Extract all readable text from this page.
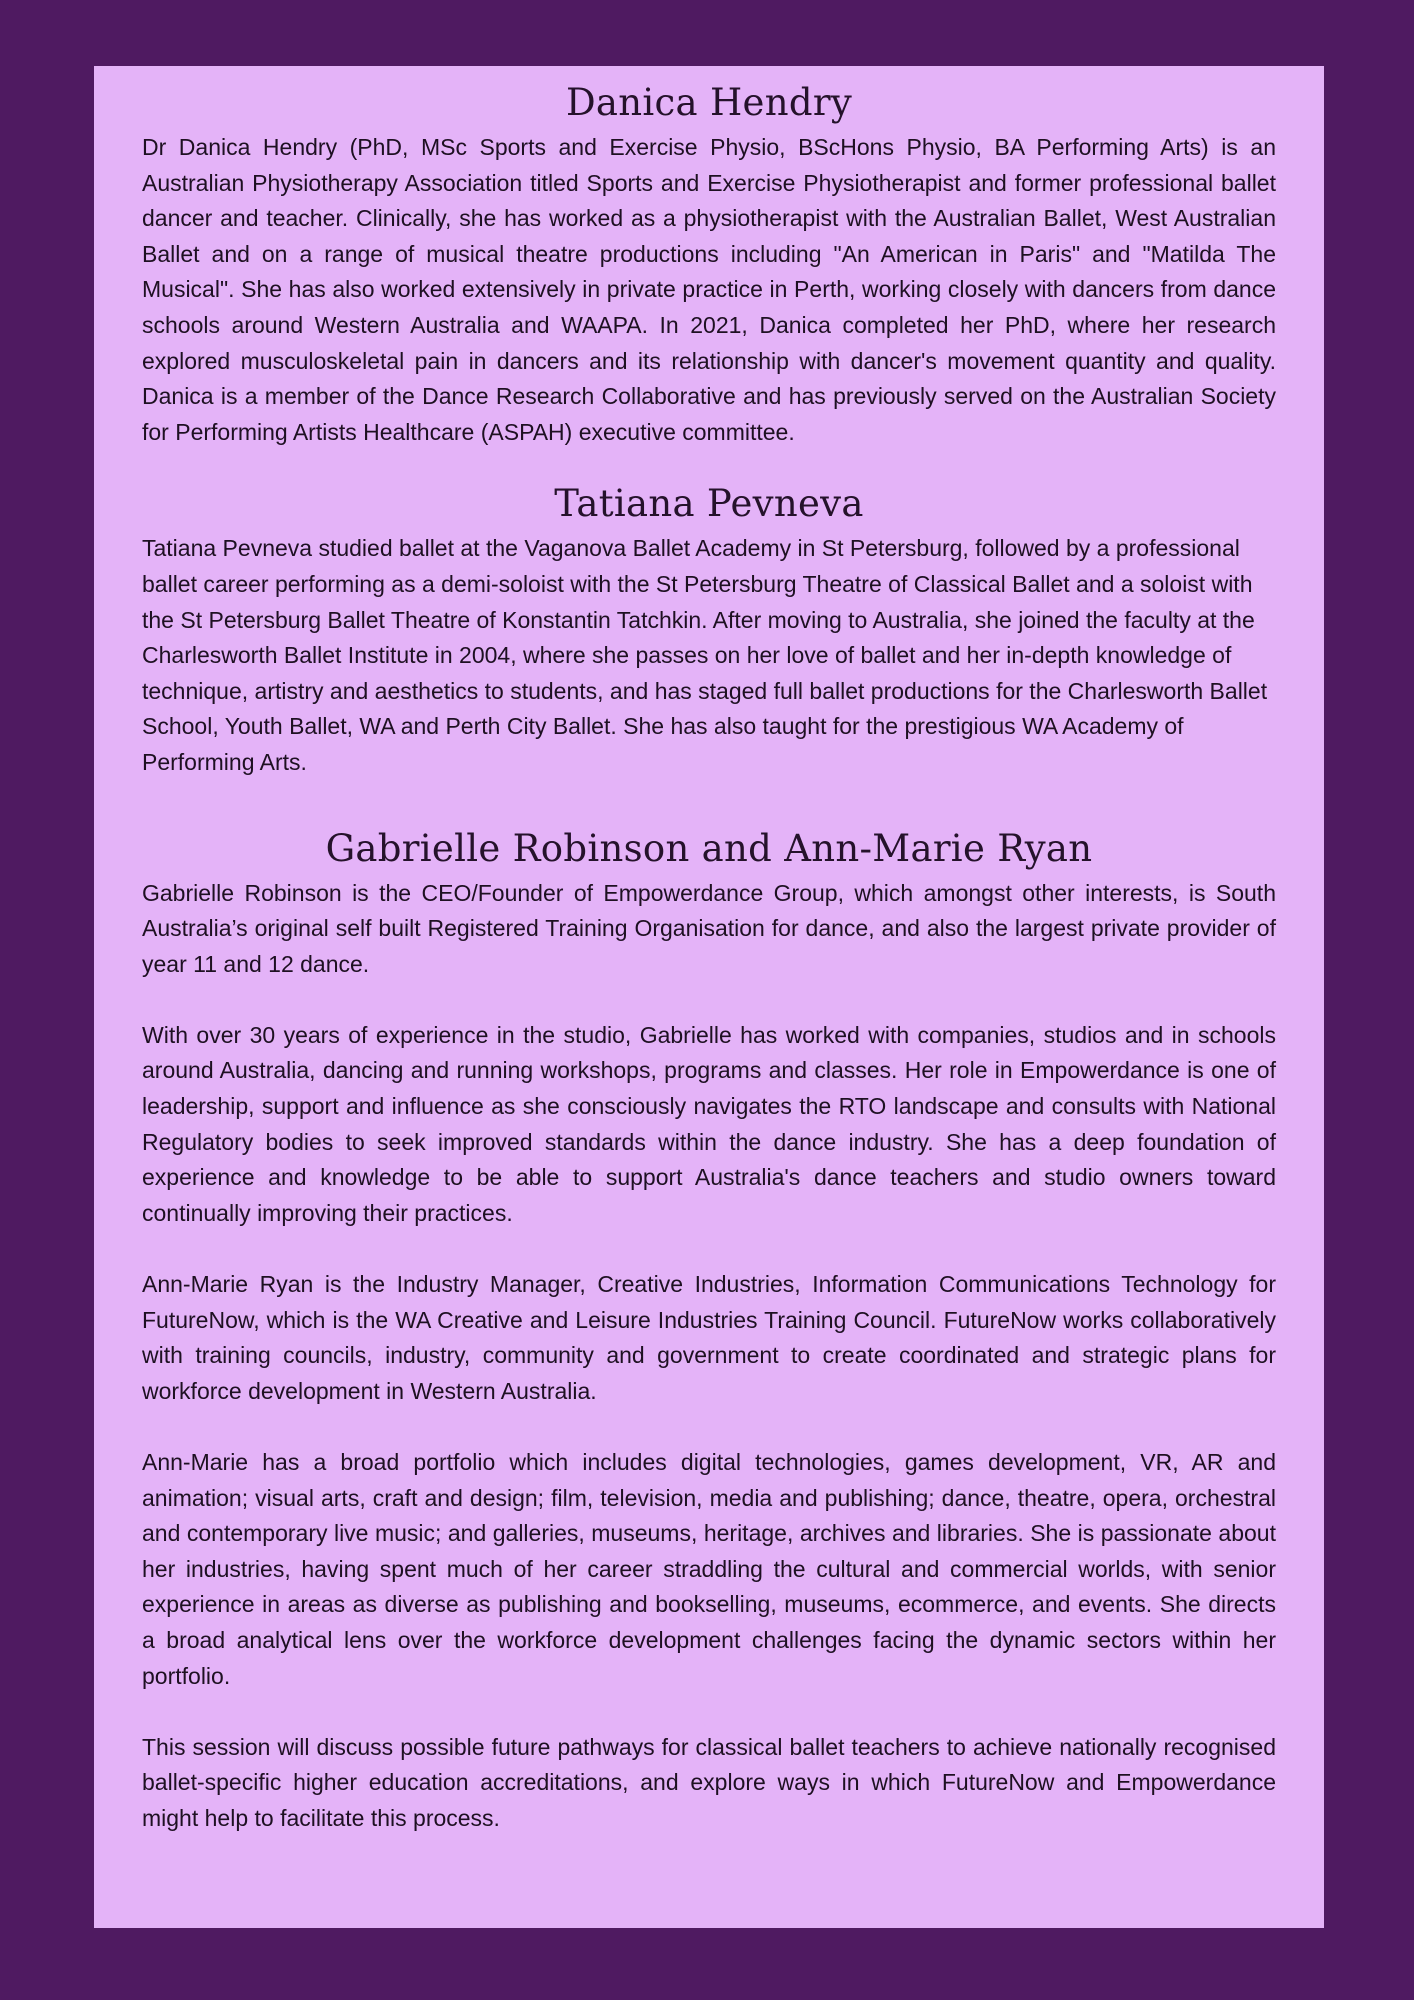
Danica Hendry

Dr Danica Hendry (PhD, MSc Sports and Exercise Physio, BScHons Physio, BA Performing Arts) is an Australian Physiotherapy Association titled Sports and Exercise Physiotherapist and former professional ballet dancer and teacher. Clinically, she has worked as a physiotherapist with the Australian Ballet, West Australian Ballet and on a range of musical theatre productions including "An American in Paris" and "Matilda The Musical". She has also worked extensively in private practice in Perth, working closely with dancers from dance schools around Western Australia and WAAPA. In 2021, Danica completed her PhD, where her research explored musculoskeletal pain in dancers and its relationship with dancer's movement quantity and quality. Danica is a member of the Dance Research Collaborative and has previously served on the Australian Society for Performing Artists Healthcare (ASPAH) executive committee.

Tatiana Pevneva

Tatiana Pevneva studied ballet at the Vaganova Ballet Academy in St Petersburg, followed by a professional ballet career performing as a demi-soloist with the St Petersburg Theatre of Classical Ballet and a soloist with the St Petersburg Ballet Theatre of Konstantin Tatchkin. After moving to Australia, she joined the faculty at the Charlesworth Ballet Institute in 2004, where she passes on her love of ballet and her in-depth knowledge of technique, artistry and aesthetics to students, and has staged full ballet productions for the Charlesworth Ballet School, Youth Ballet, WA and Perth City Ballet. She has also taught for the prestigious WA Academy of Performing Arts.

Gabrielle Robinson and Ann-Marie Ryan

Gabrielle Robinson is the CEO/Founder of Empowerdance Group, which amongst other interests, is South Australia’s original self built Registered Training Organisation for dance, and also the largest private provider of year 11 and 12 dance.

With over 30 years of experience in the studio, Gabrielle has worked with companies, studios and in schools around Australia, dancing and running workshops, programs and classes. Her role in Empowerdance is one of leadership, support and influence as she consciously navigates the RTO landscape and consults with National Regulatory bodies to seek improved standards within the dance industry. She has a deep foundation of experience and knowledge to be able to support Australia's dance teachers and studio owners toward continually improving their practices.

Ann-Marie Ryan is the Industry Manager, Creative Industries, Information Communications Technology for FutureNow, which is the WA Creative and Leisure Industries Training Council. FutureNow works collaboratively with training councils, industry, community and government to create coordinated and strategic plans for workforce development in Western Australia.

Ann-Marie has a broad portfolio which includes digital technologies, games development, VR, AR and animation; visual arts, craft and design; film, television, media and publishing; dance, theatre, opera, orchestral and contemporary live music; and galleries, museums, heritage, archives and libraries. She is passionate about her industries, having spent much of her career straddling the cultural and commercial worlds, with senior experience in areas as diverse as publishing and bookselling, museums, ecommerce, and events. She directs a broad analytical lens over the workforce development challenges facing the dynamic sectors within her portfolio.

This session will discuss possible future pathways for classical ballet teachers to achieve nationally recognised ballet-specific higher education accreditations, and explore ways in which FutureNow and Empowerdance might help to facilitate this process.
